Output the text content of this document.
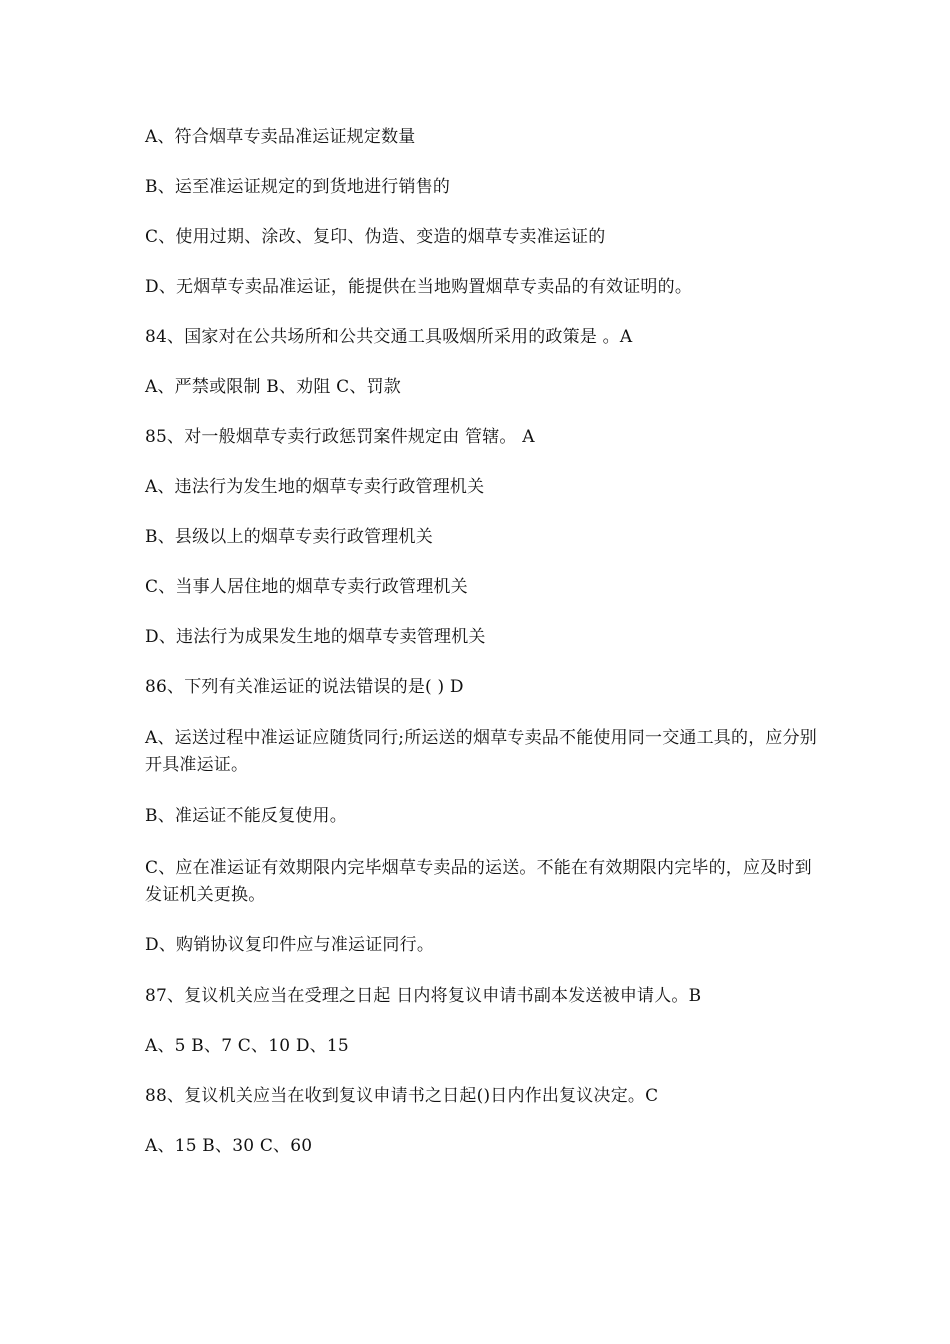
A、符合烟草专卖品准运证规定数量
B、运至准运证规定的到货地进行销售的
C、使用过期、涂改、复印、伪造、变造的烟草专卖准运证的
D、无烟草专卖品准运证，能提供在当地购置烟草专卖品的有效证明的。
84、国家对在公共场所和公共交通工具吸烟所采用的政策是 。A
A、严禁或限制 B、劝阻 C、罚款
85、对一般烟草专卖行政惩罚案件规定由 管辖。 A
A、违法行为发生地的烟草专卖行政管理机关
B、县级以上的烟草专卖行政管理机关
C、当事人居住地的烟草专卖行政管理机关
D、违法行为成果发生地的烟草专卖管理机关
86、下列有关准运证的说法错误的是( ) D
A、运送过程中准运证应随货同行;所运送的烟草专卖品不能使用同一交通工具的，应分别开具准运证。
B、准运证不能反复使用。
C、应在准运证有效期限内完毕烟草专卖品的运送。不能在有效期限内完毕的，应及时到发证机关更换。
D、购销协议复印件应与准运证同行。
87、复议机关应当在受理之日起 日内将复议申请书副本发送被申请人。B
A、5 B、7 C、10 D、15
88、复议机关应当在收到复议申请书之日起()日内作出复议决定。C
A、15 B、30 C、60
